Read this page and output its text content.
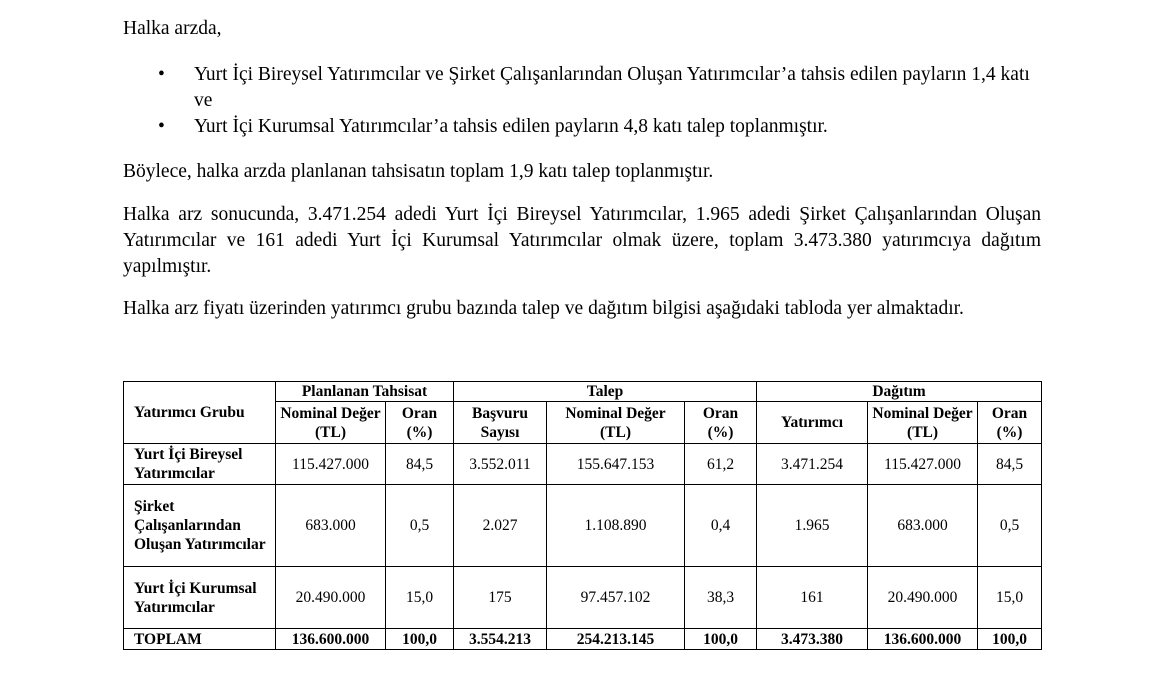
Halka arzda,
• Yurt İçi Bireysel Yatırımcılar ve Şirket Çalışanlarından Oluşan Yatırımcılar’a tahsis edilen payların 1,4 katı ve
• Yurt İçi Kurumsal Yatırımcılar’a tahsis edilen payların 4,8 katı talep toplanmıştır.
Böylece, halka arzda planlanan tahsisatın toplam 1,9 katı talep toplanmıştır.
Halka arz sonucunda, 3.471.254 adedi Yurt İçi Bireysel Yatırımcılar, 1.965 adedi Şirket Çalışanlarından Oluşan Yatırımcılar ve 161 adedi Yurt İçi Kurumsal Yatırımcılar olmak üzere, toplam 3.473.380 yatırımcıya dağıtım yapılmıştır.
Halka arz fiyatı üzerinden yatırımcı grubu bazında talep ve dağıtım bilgisi aşağıdaki tabloda yer almaktadır.
Yatırımcı Grubu	Planlanan Tahsisat		Talep			Dağıtım		
	Nominal Değer (TL)	Oran (%)	Başvuru Sayısı	Nominal Değer (TL)	Oran (%)	Yatırımcı	Nominal Değer (TL)	Oran (%)
Yurt İçi Bireysel Yatırımcılar	115.427.000	84,5	3.552.011	155.647.153	61,2	3.471.254	115.427.000	84,5
Şirket Çalışanlarından Oluşan Yatırımcılar	683.000	0,5	2.027	1.108.890	0,4	1.965	683.000	0,5
Yurt İçi Kurumsal Yatırımcılar	20.490.000	15,0	175	97.457.102	38,3	161	20.490.000	15,0
TOPLAM	136.600.000	100,0	3.554.213	254.213.145	100,0	3.473.380	136.600.000	100,0
